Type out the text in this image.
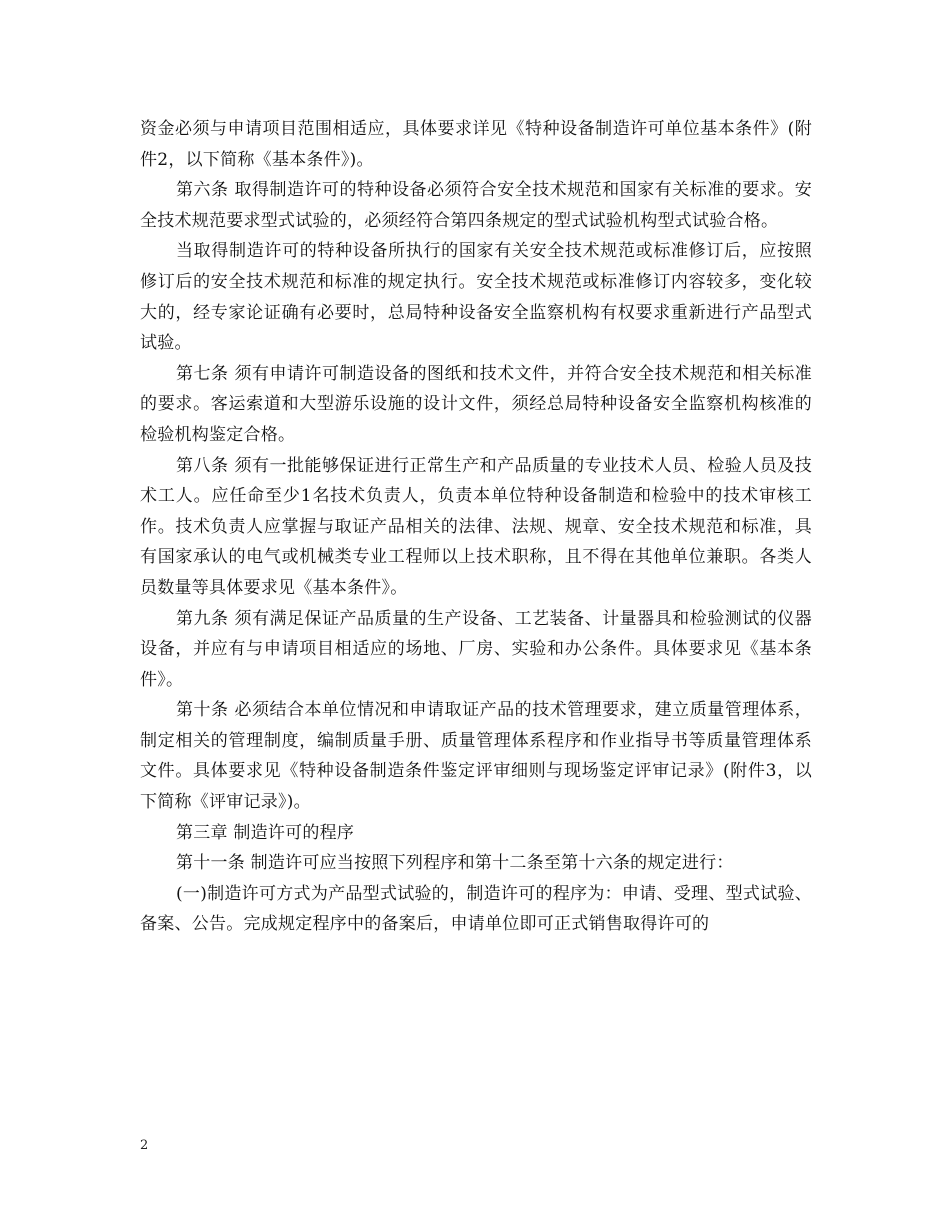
资金必须与申请项目范围相适应，具体要求详见《特种设备制造许可单位基本条件》(附件2，以下简称《基本条件》)。

第六条 取得制造许可的特种设备必须符合安全技术规范和国家有关标准的要求。安全技术规范要求型式试验的，必须经符合第四条规定的型式试验机构型式试验合格。

当取得制造许可的特种设备所执行的国家有关安全技术规范或标准修订后，应按照修订后的安全技术规范和标准的规定执行。安全技术规范或标准修订内容较多，变化较大的，经专家论证确有必要时，总局特种设备安全监察机构有权要求重新进行产品型式试验。

第七条 须有申请许可制造设备的图纸和技术文件，并符合安全技术规范和相关标准的要求。客运索道和大型游乐设施的设计文件，须经总局特种设备安全监察机构核准的检验机构鉴定合格。

第八条 须有一批能够保证进行正常生产和产品质量的专业技术人员、检验人员及技术工人。应任命至少1名技术负责人，负责本单位特种设备制造和检验中的技术审核工作。技术负责人应掌握与取证产品相关的法律、法规、规章、安全技术规范和标准，具有国家承认的电气或机械类专业工程师以上技术职称，且不得在其他单位兼职。各类人员数量等具体要求见《基本条件》。

第九条 须有满足保证产品质量的生产设备、工艺装备、计量器具和检验测试的仪器设备，并应有与申请项目相适应的场地、厂房、实验和办公条件。具体要求见《基本条件》。

第十条 必须结合本单位情况和申请取证产品的技术管理要求，建立质量管理体系，制定相关的管理制度，编制质量手册、质量管理体系程序和作业指导书等质量管理体系文件。具体要求见《特种设备制造条件鉴定评审细则与现场鉴定评审记录》(附件3，以下简称《评审记录》)。

第三章 制造许可的程序

第十一条 制造许可应当按照下列程序和第十二条至第十六条的规定进行：

(一)制造许可方式为产品型式试验的，制造许可的程序为：申请、受理、型式试验、备案、公告。完成规定程序中的备案后，申请单位即可正式销售取得许可的

2
